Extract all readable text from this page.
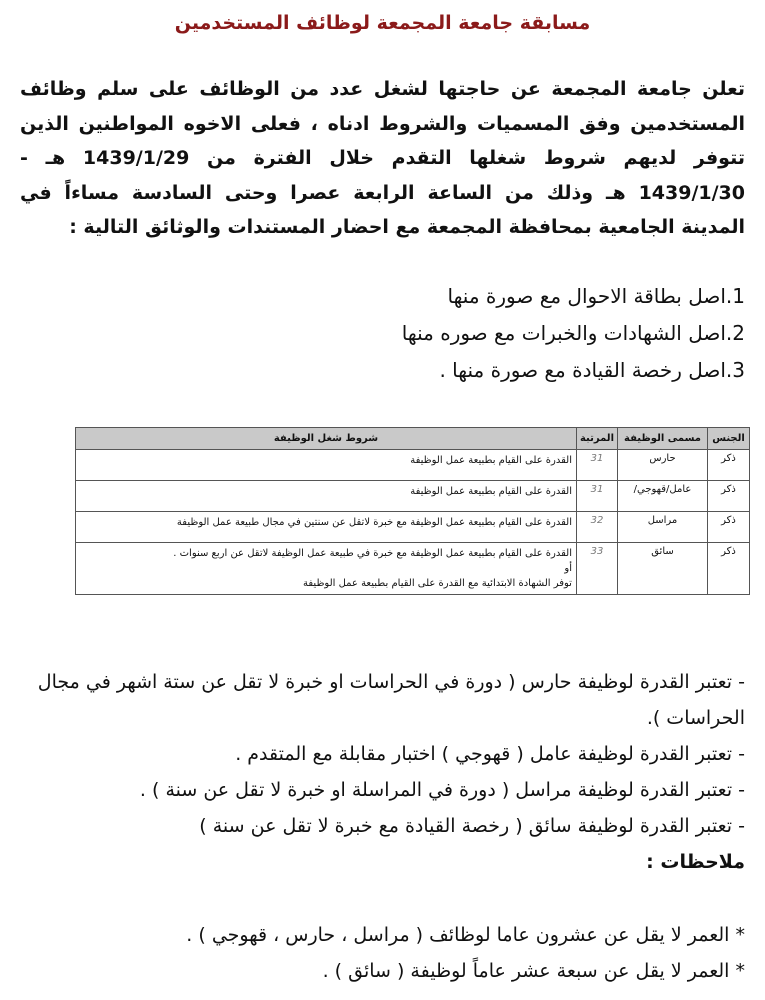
مسابقة جامعة المجمعة لوظائف المستخدمين
تعلن جامعة المجمعة عن حاجتها لشغل عدد من الوظائف على سلم وظائف المستخدمين وفق المسميات والشروط ادناه ، فعلى الاخوه المواطنين الذين تتوفر لديهم شروط شغلها التقدم خلال الفترة من 1439/1/29 هـ - 1439/1/30 هـ وذلك من الساعة الرابعة عصرا وحتى السادسة مساءاً في المدينة الجامعية بمحافظة المجمعة مع احضار المستندات والوثائق التالية :
1.اصل بطاقة الاحوال مع صورة منها
2.اصل الشهادات والخبرات مع صوره منها
3.اصل رخصة القيادة مع صورة منها .
الجنس	مسمى الوظيفة	المرتبة	شروط شغل الوظيفة
ذكر	حارس	31	القدرة على القيام بطبيعة عمل الوظيفة
ذكر	عامل/قهوجي/	31	القدرة على القيام بطبيعة عمل الوظيفة
ذكر	مراسل	32	القدرة على القيام بطبيعة عمل الوظيفة مع خبرة لاتقل عن سنتين في مجال طبيعة عمل الوظيفة
ذكر	سائق	33	القدرة على القيام بطبيعة عمل الوظيفة مع خبرة في طبيعة عمل الوظيفة لاتقل عن اربع سنوات .
أو
توفر الشهادة الابتدائية مع القدرة على القيام بطبيعة عمل الوظيفة

- تعتبر القدرة لوظيفة حارس ( دورة في الحراسات او خبرة لا تقل عن ستة اشهر في مجال الحراسات ).

- تعتبر القدرة لوظيفة عامل ( قهوجي ) اختبار مقابلة مع المتقدم .

- تعتبر القدرة لوظيفة مراسل ( دورة في المراسلة او خبرة لا تقل عن سنة ) .

- تعتبر القدرة لوظيفة سائق ( رخصة القيادة مع خبرة لا تقل عن سنة )

ملاحظات :

* العمر لا يقل عن عشرون عاما لوظائف ( مراسل ، حارس ، قهوجي ) .

* العمر لا يقل عن سبعة عشر عاماً لوظيفة ( سائق ) .
